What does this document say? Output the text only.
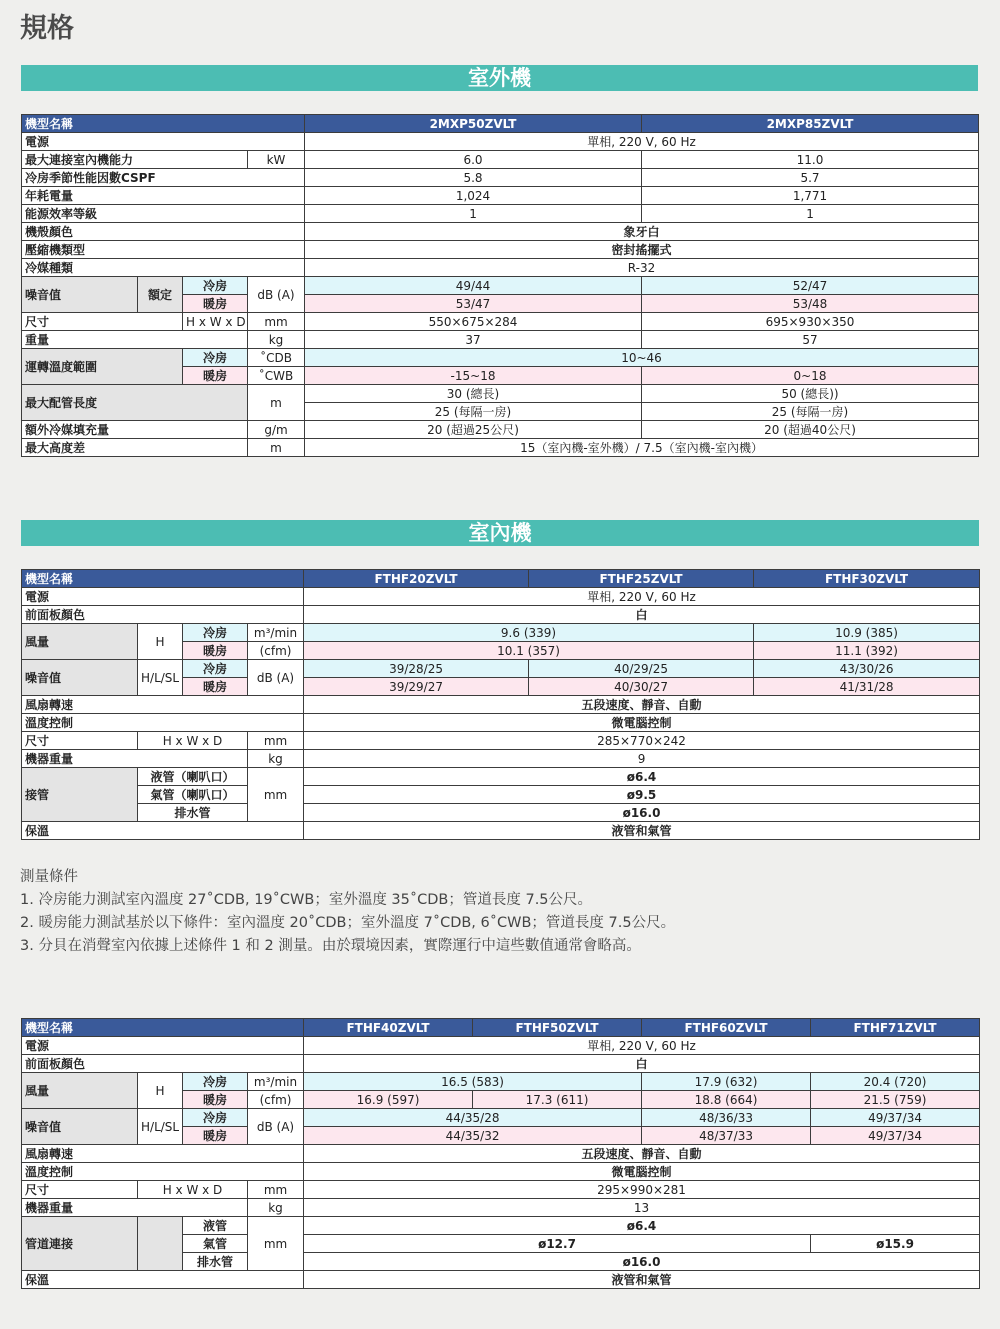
規格
室外機
機型名稱				2MXP50ZVLT	2MXP85ZVLT
電源				單相, 220 V, 60 Hz	
最大連接室內機能力			kW	6.0	11.0
冷房季節性能因數CSPF				5.8	5.7
年耗電量				1,024	1,771
能源效率等級				1	1
機殼顏色				象牙白	
壓縮機類型				密封搖擺式	
冷媒種類				R-32	
噪音值	額定	冷房	dB (A)	49/44	52/47
		暖房		53/47	53/48
尺寸		H x W x D	mm	550×675×284	695×930×350
重量			kg	37	57
運轉溫度範圍		冷房	˚CDB	10~46	
		暖房	˚CWB	-15~18	0~18
最大配管長度			m	30 (總長)	50 (總長))
				25 (每隔一房)	25 (每隔一房)
額外冷媒填充量			g/m	20 (超過25公尺)	20 (超過40公尺)
最大高度差			m	15（室內機-室外機）/ 7.5（室內機-室內機）	
室內機
機型名稱				FTHF20ZVLT	FTHF25ZVLT	FTHF30ZVLT
電源				單相, 220 V, 60 Hz		
前面板顏色				白		
風量	H	冷房	m³/min	9.6 (339)		10.9 (385)
		暖房	(cfm)	10.1 (357)		11.1 (392)
噪音值	H/L/SL	冷房	dB (A)	39/28/25	40/29/25	43/30/26
		暖房		39/29/27	40/30/27	41/31/28
風扇轉速				五段速度、靜音、自動		
溫度控制				微電腦控制		
尺寸	H x W x D		mm	285×770×242		
機器重量			kg	9		
接管	液管（喇叭口）		mm	ø6.4		
	氣管（喇叭口）			ø9.5		
	排水管			ø16.0		
保溫				液管和氣管		
測量條件
1. 冷房能力測試室內溫度 27˚CDB, 19˚CWB；室外溫度 35˚CDB；管道長度 7.5公尺。
2. 暖房能力測試基於以下條件：室內溫度 20˚CDB；室外溫度 7˚CDB, 6˚CWB；管道長度 7.5公尺。
3. 分貝在消聲室內依據上述條件 1 和 2 測量。由於環境因素，實際運行中這些數值通常會略高。
機型名稱				FTHF40ZVLT	FTHF50ZVLT	FTHF60ZVLT	FTHF71ZVLT
電源				單相, 220 V, 60 Hz			
前面板顏色				白			
風量	H	冷房	m³/min	16.5 (583)		17.9 (632)	20.4 (720)
		暖房	(cfm)	16.9 (597)	17.3 (611)	18.8 (664)	21.5 (759)
噪音值	H/L/SL	冷房	dB (A)	44/35/28		48/36/33	49/37/34
		暖房		44/35/32		48/37/33	49/37/34
風扇轉速				五段速度、靜音、自動			
溫度控制				微電腦控制			
尺寸	H x W x D		mm	295×990×281			
機器重量			kg	13			
管道連接		液管	mm	ø6.4			
		氣管		ø12.7			ø15.9
		排水管		ø16.0			
保溫				液管和氣管			
